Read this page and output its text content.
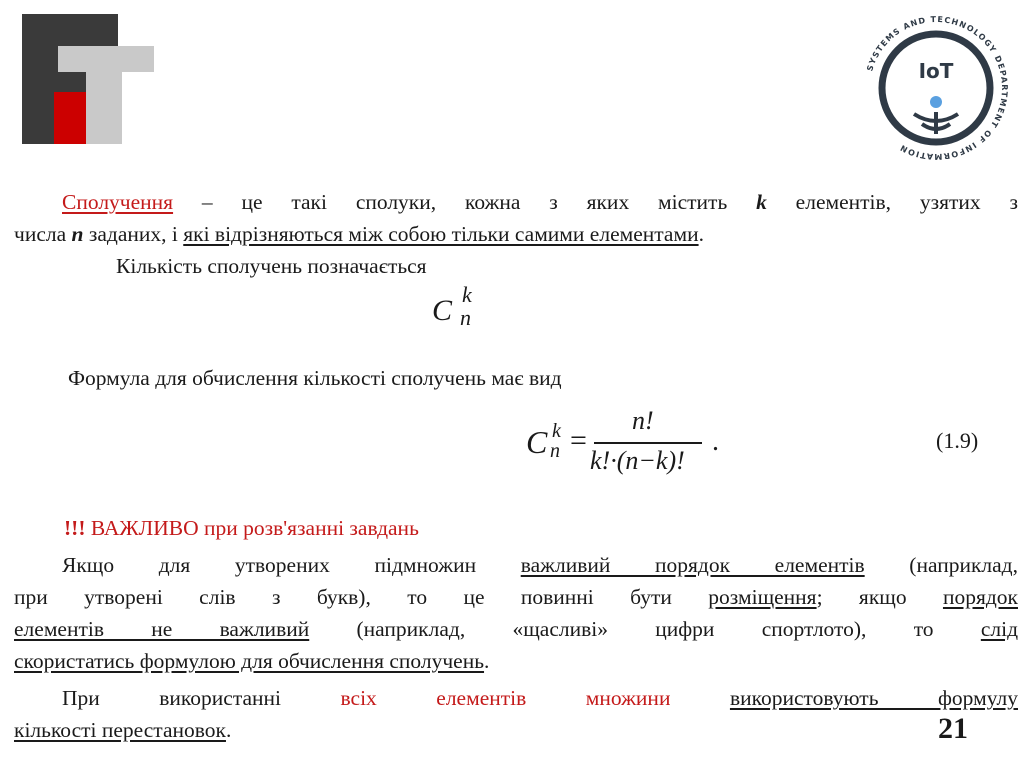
SYSTEMS AND TECHNOLOGY DEPARTMENT OF INFORMATION
IoT
Сполучення – це такі сполуки, кожна з яких містить k елементів, узятих з
числа n заданих, і які відрізняються між собою тільки самими елементами.
Кількість сполучень позначається
C k
n
Формула для обчислення кількості сполучень має вид
C k
n =
n!
k!·(n−k)!
.	(1.9)
!!! ВАЖЛИВО при розв'язанні завдань
Якщо для утворених підмножин важливий порядок елементів (наприклад,
при утворені слів з букв), то це повинні бути розміщення; якщо порядок
елементів не важливий (наприклад, «щасливі» цифри спортлото), то слід
скористатись формулою для обчислення сполучень.
При використанні всіх елементів множини	використовують формулу
кількості перестановок.	21
